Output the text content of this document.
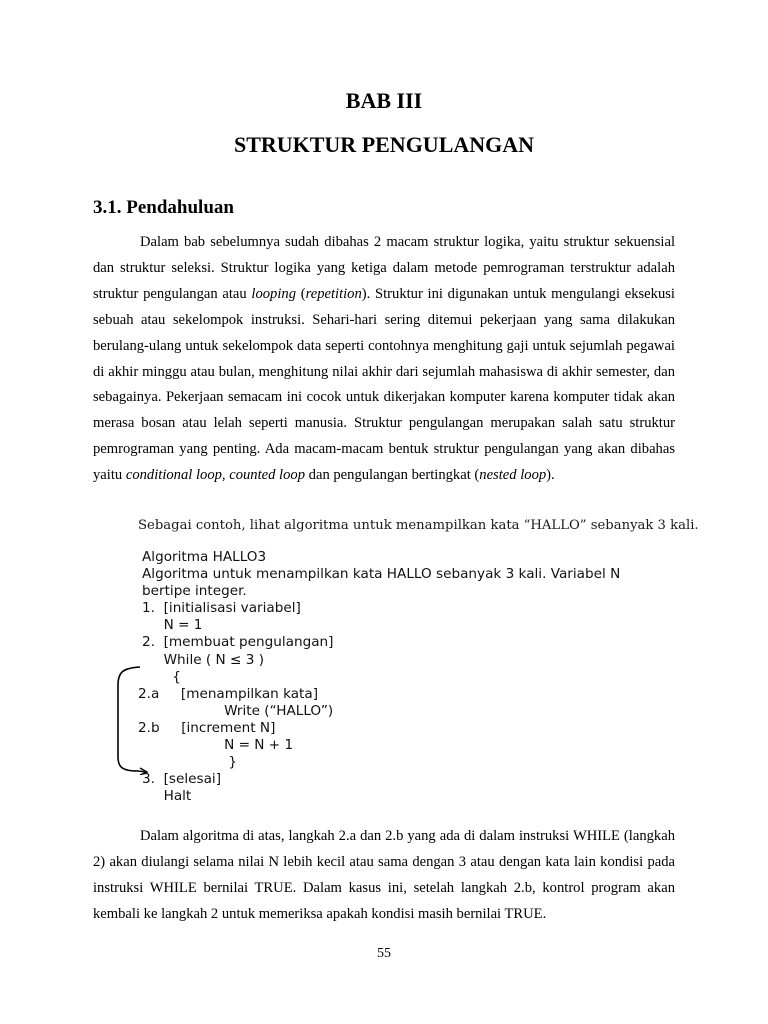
BAB III
STRUKTUR PENGULANGAN
3.1. Pendahuluan

Dalam bab sebelumnya sudah dibahas 2 macam struktur logika, yaitu struktur sekuensial dan struktur seleksi. Struktur logika yang ketiga dalam metode pemrograman terstruktur adalah struktur pengulangan atau looping (repetition). Struktur ini digunakan untuk mengulangi eksekusi sebuah atau sekelompok instruksi. Sehari-hari sering ditemui pekerjaan yang sama dilakukan berulang-ulang untuk sekelompok data seperti contohnya menghitung gaji untuk sejumlah pegawai di akhir minggu atau bulan, menghitung nilai akhir dari sejumlah mahasiswa di akhir semester, dan sebagainya. Pekerjaan semacam ini cocok untuk dikerjakan komputer karena komputer tidak akan merasa bosan atau lelah seperti manusia. Struktur pengulangan merupakan salah satu struktur pemrograman yang penting. Ada macam-macam bentuk struktur pengulangan yang akan dibahas yaitu conditional loop, counted loop dan pengulangan bertingkat (nested loop).

Sebagai contoh, lihat algoritma untuk menampilkan kata “HALLO” sebanyak 3 kali.

Algoritma HALLO3
Algoritma untuk menampilkan kata HALLO sebanyak 3 kali. Variabel N
bertipe integer.
1.  [initialisasi variabel]
N = 1
2.  [membuat pengulangan]
While ( N ≤ 3 )
{
2.a     [menampilkan kata]
Write (“HALLO”)
2.b     [increment N]
N = N + 1
}
3.  [selesai]
Halt

Dalam algoritma di atas, langkah 2.a dan 2.b yang ada di dalam instruksi WHILE (langkah 2) akan diulangi selama nilai N lebih kecil atau sama dengan 3 atau dengan kata lain kondisi pada instruksi WHILE bernilai TRUE. Dalam kasus ini, setelah langkah 2.b, kontrol program akan kembali ke langkah 2 untuk memeriksa apakah kondisi masih bernilai TRUE.

55
